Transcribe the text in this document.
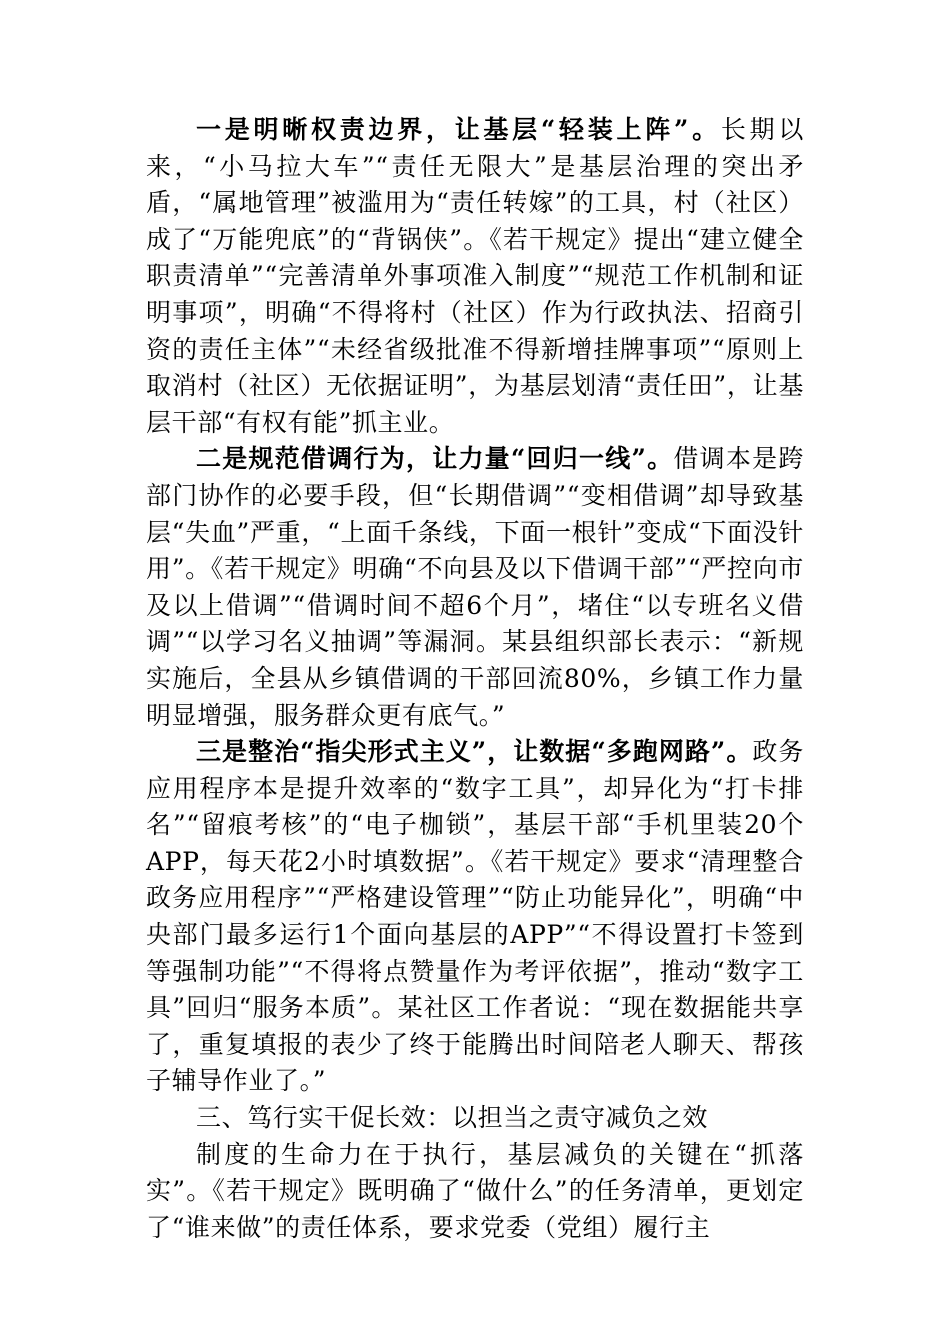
一是明晰权责边界，让基层“轻装上阵”。长期以来，“小马拉大车”“责任无限大”是基层治理的突出矛盾，“属地管理”被滥用为“责任转嫁”的工具，村（社区）成了“万能兜底”的“背锅侠”。《若干规定》提出“建立健全职责清单”“完善清单外事项准入制度”“规范工作机制和证明事项”，明确“不得将村（社区）作为行政执法、招商引资的责任主体”“未经省级批准不得新增挂牌事项”“原则上取消村（社区）无依据证明”，为基层划清“责任田”，让基层干部“有权有能”抓主业。

二是规范借调行为，让力量“回归一线”。借调本是跨部门协作的必要手段，但“长期借调”“变相借调”却导致基层“失血”严重，“上面千条线，下面一根针”变成“下面没针用”。《若干规定》明确“不向县及以下借调干部”“严控向市及以上借调”“借调时间不超6个月”，堵住“以专班名义借调”“以学习名义抽调”等漏洞。某县组织部长表示：“新规实施后，全县从乡镇借调的干部回流80%，乡镇工作力量明显增强，服务群众更有底气。”

三是整治“指尖形式主义”，让数据“多跑网路”。政务应用程序本是提升效率的“数字工具”，却异化为“打卡排名”“留痕考核”的“电子枷锁”，基层干部“手机里装20个APP，每天花2小时填数据”。《若干规定》要求“清理整合政务应用程序”“严格建设管理”“防止功能异化”，明确“中央部门最多运行1个面向基层的APP”“不得设置打卡签到等强制功能”“不得将点赞量作为考评依据”，推动“数字工具”回归“服务本质”。某社区工作者说：“现在数据能共享了，重复填报的表少了终于能腾出时间陪老人聊天、帮孩子辅导作业了。”

三、笃行实干促长效：以担当之责守减负之效

制度的生命力在于执行，基层减负的关键在“抓落实”。《若干规定》既明确了“做什么”的任务清单，更划定了“谁来做”的责任体系，要求党委（党组）履行主
